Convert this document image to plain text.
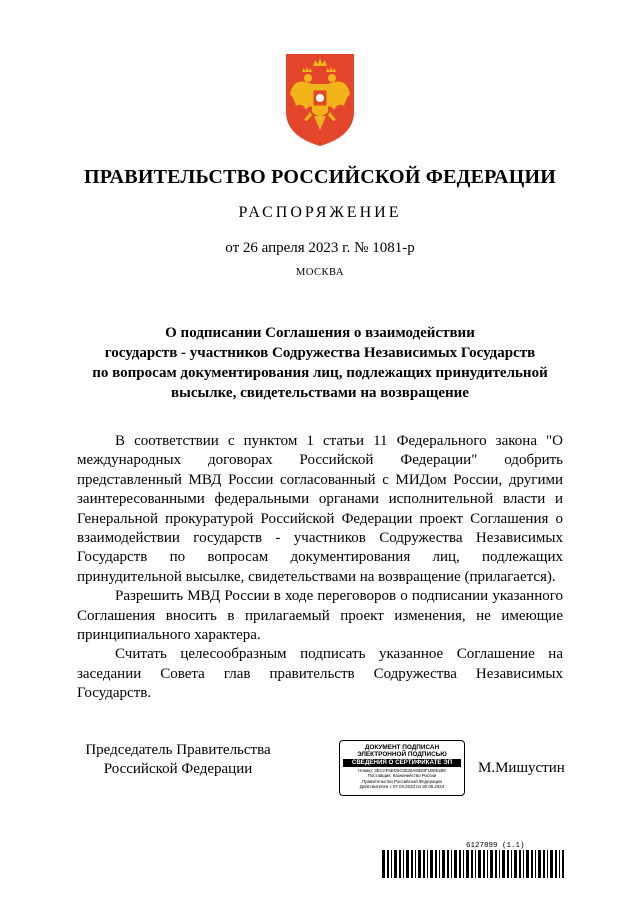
ПРАВИТЕЛЬСТВО РОССИЙСКОЙ ФЕДЕРАЦИИ
РАСПОРЯЖЕНИЕ
от 26 апреля 2023 г. № 1081-р
МОСКВА
О подписании Соглашения о взаимодействии
государств - участников Содружества Независимых Государств
по вопросам документирования лиц, подлежащих принудительной
высылке, свидетельствами на возвращение

В соответствии с пунктом 1 статьи 11 Федерального закона "О международных договорах Российской Федерации" одобрить представленный МВД России согласованный с МИДом России, другими заинтересованными федеральными органами исполнительной власти и Генеральной прокуратурой Российской Федерации проект Соглашения о взаимодействии государств - участников Содружества Независимых Государств по вопросам документирования лиц, подлежащих принудительной высылке, свидетельствами на возвращение (прилагается).

Разрешить МВД России в ходе переговоров о подписании указанного Соглашения вносить в прилагаемый проект изменения, не имеющие принципиального характера.

Считать целесообразным подписать указанное Соглашение на заседании Совета глав правительств Содружества Независимых Государств.

Председатель Правительства
Российской Федерации
ДОКУМЕНТ ПОДПИСАН
ЭЛЕКТРОННОЙ ПОДПИСЬЮ
СВЕДЕНИЯ О СЕРТИФИКАТЕ ЭП
Номер: 3ECAF6ED0C0530A8393F1B091B8
Поставщик: Казначейство России
Правительство Российской Федерации
Действителен с 07.03.2023 по 30.05.2024
М.Мишустин
6127899 (1.1)
